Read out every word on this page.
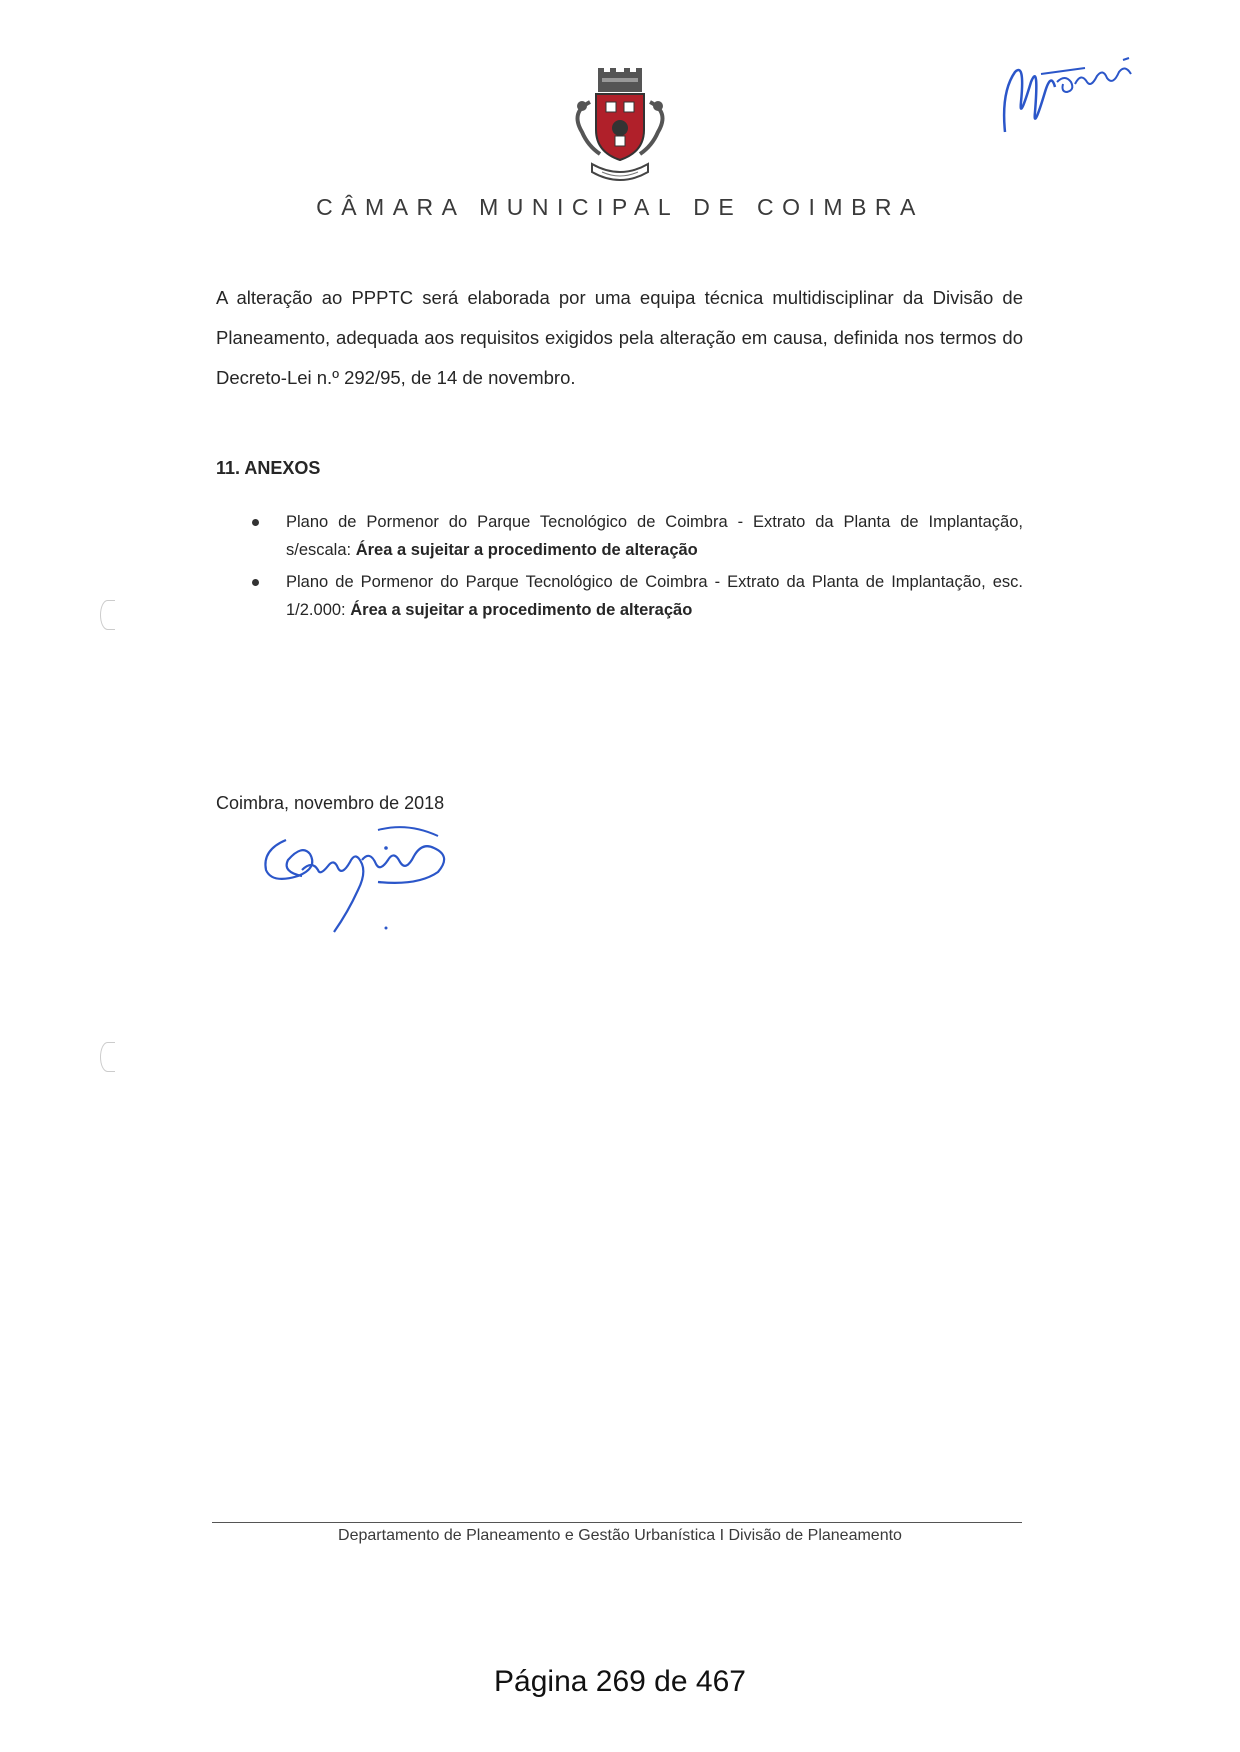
CÂMARA MUNICIPAL DE COIMBRA

A alteração ao PPPTC será elaborada por uma equipa técnica multidisciplinar da Divisão de Planeamento, adequada aos requisitos exigidos pela alteração em causa, definida nos termos do Decreto-Lei n.º 292/95, de 14 de novembro.

11. ANEXOS
Plano de Pormenor do Parque Tecnológico de Coimbra - Extrato da Planta de Implantação, s/escala: Área a sujeitar a procedimento de alteração
Plano de Pormenor do Parque Tecnológico de Coimbra - Extrato da Planta de Implantação, esc. 1/2.000: Área a sujeitar a procedimento de alteração
Coimbra, novembro de 2018
Departamento de Planeamento e Gestão Urbanística I Divisão de Planeamento
Página 269 de 467
